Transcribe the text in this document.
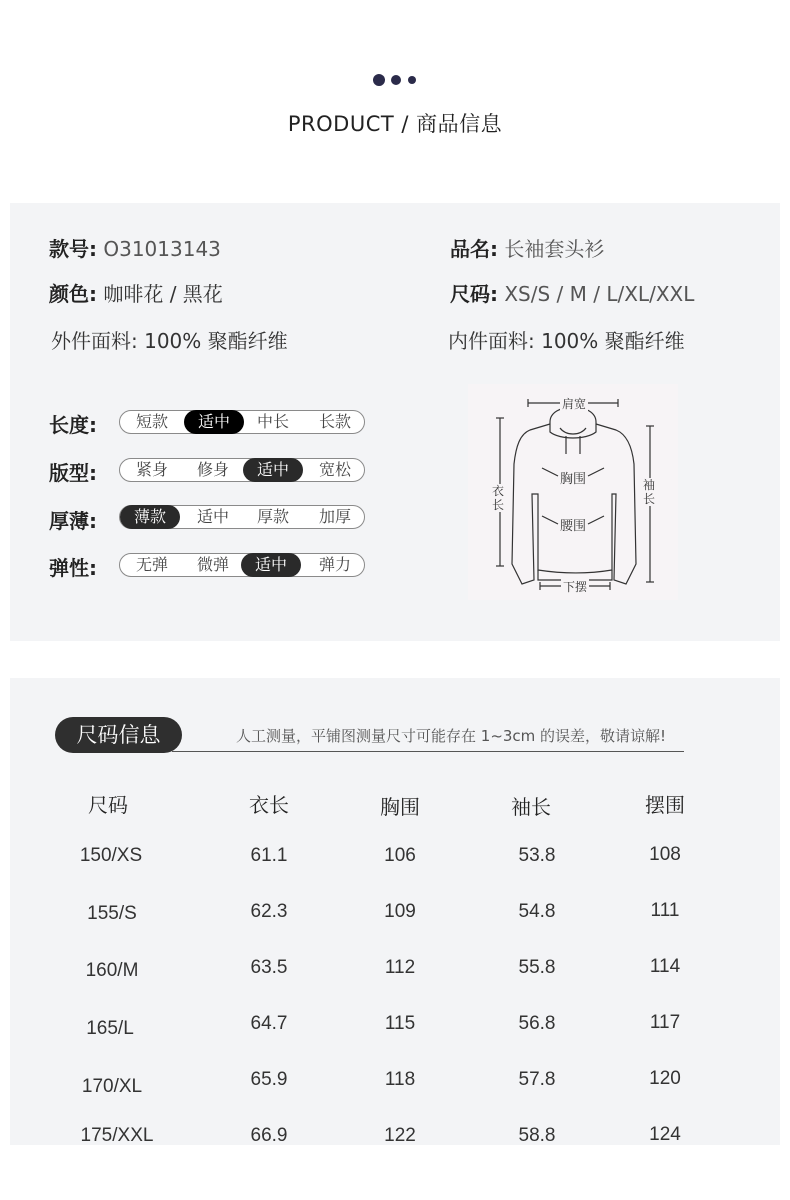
PRODUCT / 商品信息
款号: O31013143	品名: 长袖套头衫
颜色: 咖啡花 / 黑花	尺码: XS/S / M / L/XL/XXL
外件面料: 100% 聚酯纤维	内件面料: 100% 聚酯纤维
长度:	短款	适中	中长	长款
版型:	紧身	修身	适中	宽松
厚薄:	薄款	适中	厚款	加厚
弹性:	无弹	微弹	适中	弹力
肩宽
胸围
腰围
下摆
衣长
袖长
尺码信息	人工测量，平铺图测量尺寸可能存在 1~3cm 的误差，敬请谅解!
尺码	衣长	胸围	袖长	摆围
150/XS	61.1	106	53.8	108
155/S	62.3	109	54.8	111
160/M	63.5	112	55.8	114
165/L	64.7	115	56.8	117
170/XL	65.9	118	57.8	120
175/XXL	66.9	122	58.8	124
